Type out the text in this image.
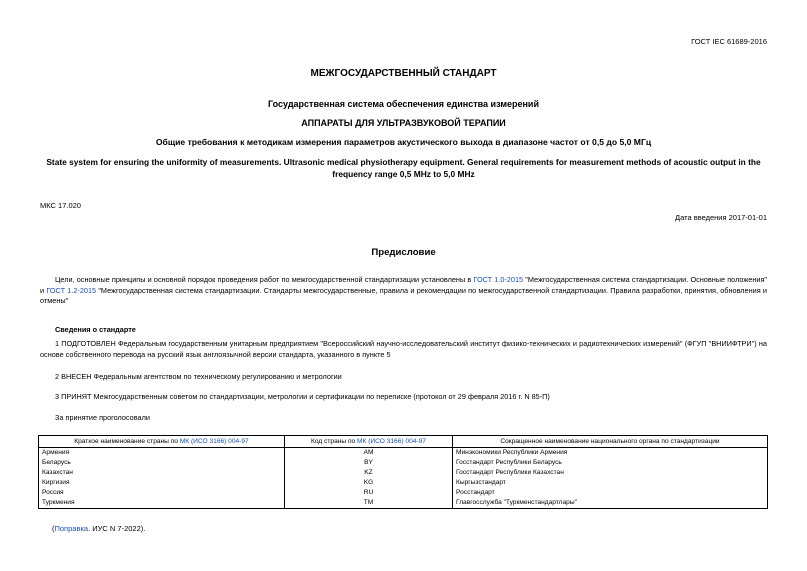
ГОСТ IEC 61689-2016
МЕЖГОСУДАРСТВЕННЫЙ СТАНДАРТ
Государственная система обеспечения единства измерений
АППАРАТЫ ДЛЯ УЛЬТРАЗВУКОВОЙ ТЕРАПИИ
Общие требования к методикам измерения параметров акустического выхода в диапазоне частот от 0,5 до 5,0 МГц
State system for ensuring the uniformity of measurements. Ultrasonic medical physiotherapy equipment. General requirements for measurement methods of acoustic output in the frequency range 0,5 MHz to 5,0 MHz
МКС 17.020
Дата введения 2017-01-01
Предисловие
Цели, основные принципы и основной порядок проведения работ по межгосударственной стандартизации установлены в ГОСТ 1.0-2015 "Межгосударственная система стандартизации. Основные положения" и ГОСТ 1.2-2015 "Межгосударственная система стандартизации. Стандарты межгосударственные, правила и рекомендации по межгосударственной стандартизации. Правила разработки, принятия, обновления и отмены"
Сведения о стандарте
1 ПОДГОТОВЛЕН Федеральным государственным унитарным предприятием "Всероссийский научно-исследовательский институт физико-технических и радиотехнических измерений" (ФГУП "ВНИИФТРИ") на основе собственного перевода на русский язык англоязычной версии стандарта, указанного в пункте 5
2 ВНЕСЕН Федеральным агентством по техническому регулированию и метрологии
3 ПРИНЯТ Межгосударственным советом по стандартизации, метрологии и сертификации по переписке (протокол от 29 февраля 2016 г. N 85-П)
За принятие проголосовали
Краткое наименование страны по МК (ИСО 3166) 004-97	Код страны по МК (ИСО 3166) 004-97	Сокращенное наименование национального органа по стандартизации
Армения	AM	Минэкономики Республики Армения
Беларусь	BY	Госстандарт Республики Беларусь
Казахстан	KZ	Госстандарт Республики Казахстан
Киргизия	KG	Кыргызстандарт
Россия	RU	Росстандарт
Туркмения	TM	Главгосслужба "Туркменстандартлары"
(Поправка. ИУС N 7-2022).
